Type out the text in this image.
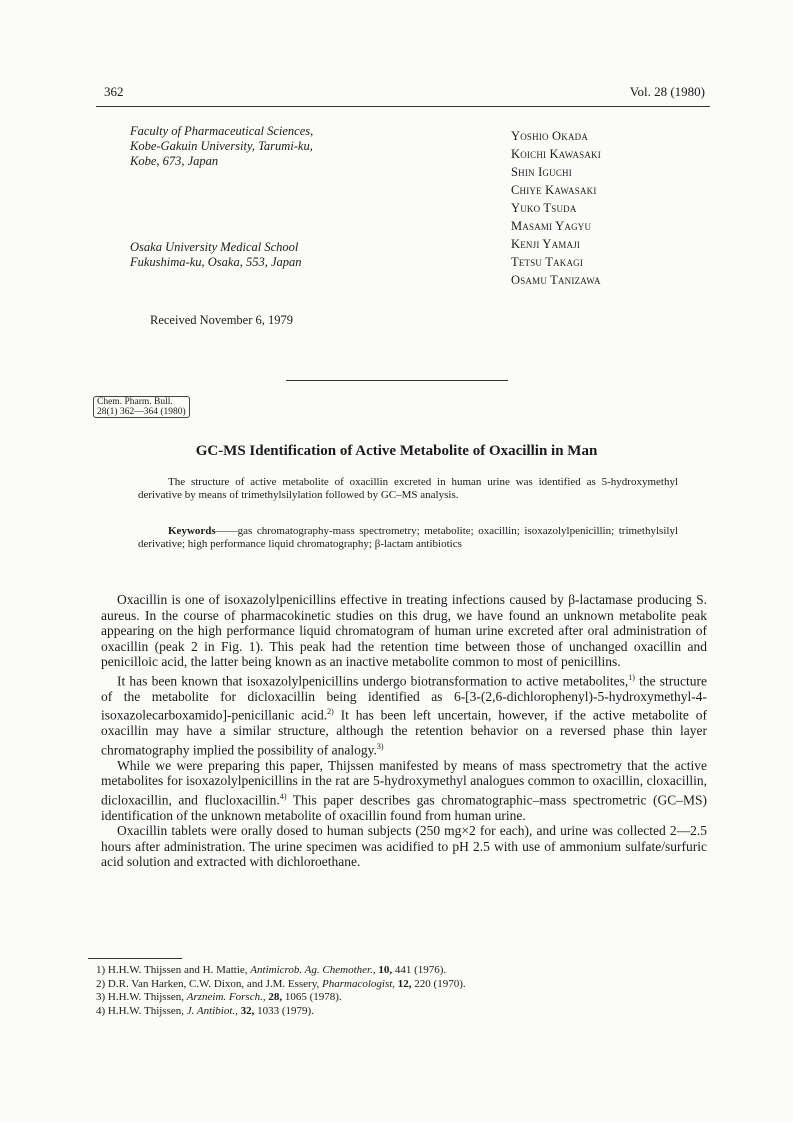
362	Vol. 28 (1980)
Faculty of Pharmaceutical Sciences,
Kobe-Gakuin University, Tarumi-ku,
Kobe, 673, Japan
Osaka University Medical School
Fukushima-ku, Osaka, 553, Japan
Yoshio Okada
Koichi Kawasaki
Shin Iguchi
Chiye Kawasaki
Yuko Tsuda
Masami Yagyu
Kenji Yamaji
Tetsu Takagi
Osamu Tanizawa
Received November 6, 1979
Chem. Pharm. Bull.
28(1) 362—364 (1980)
GC-MS Identification of Active Metabolite of Oxacillin in Man
The structure of active metabolite of oxacillin excreted in human urine was identified as 5-hydroxymethyl derivative by means of trimethylsilylation followed by GC–MS analysis.
Keywords——gas chromatography-mass spectrometry; metabolite; oxacillin; isoxazolylpenicillin; trimethylsilyl derivative; high performance liquid chromatography; β-lactam antibiotics

Oxacillin is one of isoxazolylpenicillins effective in treating infections caused by β-lactamase producing S. aureus. In the course of pharmacokinetic studies on this drug, we have found an unknown metabolite peak appearing on the high performance liquid chromatogram of human urine excreted after oral administration of oxacillin (peak 2 in Fig. 1). This peak had the retention time between those of unchanged oxacillin and penicilloic acid, the latter being known as an inactive metabolite common to most of penicillins.

It has been known that isoxazolylpenicillins undergo biotransformation to active metabolites,$^{1)}$ the structure of the metabolite for dicloxacillin being identified as 6-[3-(2,6-dichlorophenyl)-5-hydroxymethyl-4-isoxazolecarboxamido]-penicillanic acid.$^{2)}$ It has been left uncertain, however, if the active metabolite of oxacillin may have a similar structure, although the retention behavior on a reversed phase thin layer chromatography implied the possibility of analogy.$^{3)}$

While we were preparing this paper, Thijssen manifested by means of mass spectrometry that the active metabolites for isoxazolylpenicillins in the rat are 5-hydroxymethyl analogues common to oxacillin, cloxacillin, dicloxacillin, and flucloxacillin.$^{4)}$ This paper describes gas chromatographic–mass spectrometric (GC–MS) identification of the unknown metabolite of oxacillin found from human urine.

Oxacillin tablets were orally dosed to human subjects (250 mg×2 for each), and urine was collected 2—2.5 hours after administration. The urine specimen was acidified to pH 2.5 with use of ammonium sulfate/surfuric acid solution and extracted with dichloroethane.

1) H.H.W. Thijssen and H. Mattie, Antimicrob. Ag. Chemother., 10, 441 (1976).
2) D.R. Van Harken, C.W. Dixon, and J.M. Essery, Pharmacologist, 12, 220 (1970).
3) H.H.W. Thijssen, Arzneim. Forsch., 28, 1065 (1978).
4) H.H.W. Thijssen, J. Antibiot., 32, 1033 (1979).
